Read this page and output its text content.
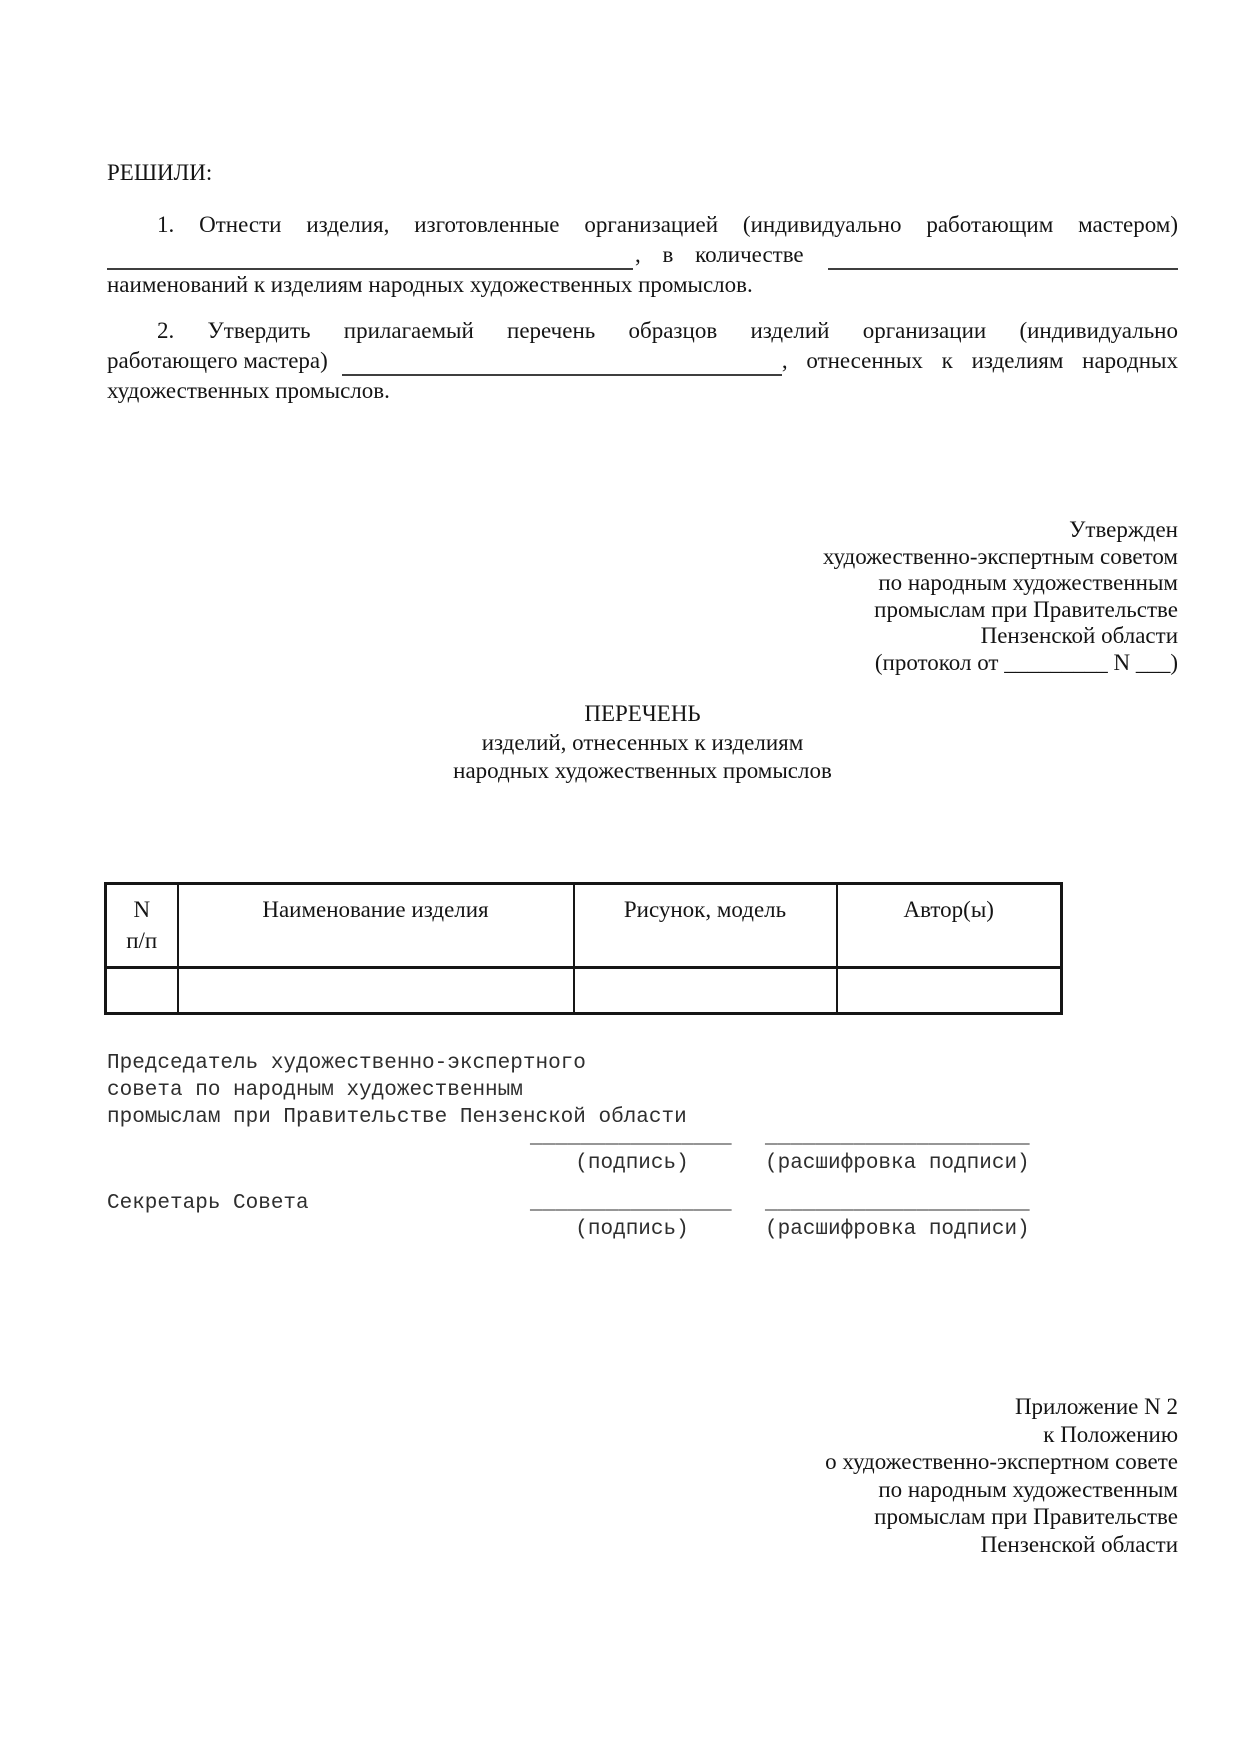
РЕШИЛИ:
1. Отнести изделия, изготовленные организацией (индивидуально работающим мастером)
, в количестве
наименований к изделиям народных художественных промыслов.
2. Утвердить прилагаемый перечень образцов изделий организации (индивидуально
работающего мастера)	, отнесенных к изделиям народных
художественных промыслов.
Утвержден
художественно-экспертным советом
по народным художественным
промыслам при Правительстве
Пензенской области
(протокол от _________ N ___)
ПЕРЕЧЕНЬ
изделий, отнесенных к изделиям
народных художественных промыслов
N
п/п	Наименование изделия	Рисунок, модель	Автор(ы)

Председатель художественно-экспертного
совета по народным художественным
промыслам при Правительстве Пензенской области
________________ _____________________
(подпись)	(расшифровка подписи)
Секретарь Совета	________________ _____________________
(подпись)	(расшифровка подписи)
Приложение N 2
к Положению
о художественно-экспертном совете
по народным художественным
промыслам при Правительстве
Пензенской области
